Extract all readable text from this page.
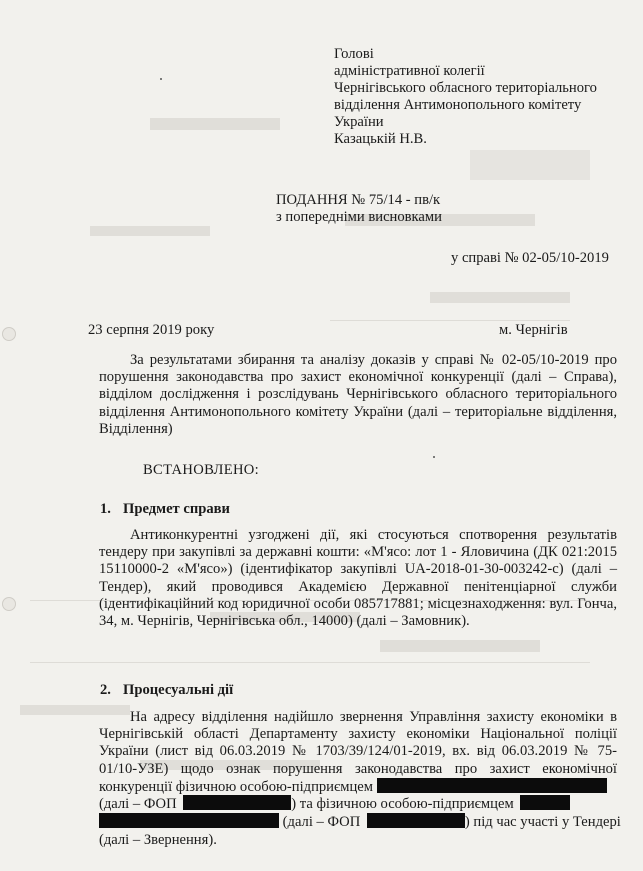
Голові
адміністративної колегії
Чернігівського обласного територіального
відділення Антимонопольного комітету
України
Казацькій Н.В.
ПОДАННЯ № 75/14 - пв/к
з попередніми висновками
у справі № 02-05/10-2019
23 серпня 2019 року	м. Чернігів
За результатами збирання та аналізу доказів у справі № 02-05/10-2019 про порушення законодавства про захист економічної конкуренції (далі – Справа), відділом дослідження і розслідувань Чернігівського обласного територіального відділення Антимонопольного комітету України (далі – територіальне відділення, Відділення)
ВСТАНОВЛЕНО:
1. Предмет справи
Антиконкурентні узгоджені дії, які стосуються спотворення результатів тендеру при закупівлі за державні кошти: «М'ясо: лот 1 - Яловичина (ДК 021:2015 15110000-2 «М'ясо») (ідентифікатор закупівлі UA-2018-01-30-003242-c) (далі – Тендер), який проводився Академією Державної пенітенціарної служби (ідентифікаційний код юридичної особи 085717881; місцезнаходження: вул. Гонча, 34, м. Чернігів, Чернігівська обл., 14000) (далі – Замовник).
2. Процесуальні дії
На адресу відділення надійшло звернення Управління захисту економіки в Чернігівській області Департаменту захисту економіки Національної поліції України (лист від 06.03.2019 № 1703/39/124/01-2019, вх. від 06.03.2019 № 75-01/10-УЗЕ) щодо ознак порушення законодавства про захист економічної конкуренції фізичною особою-підприємцем
(далі – ФОП	) та фізичною особою-підприємцем
(далі – ФОП	) під час участі у Тендері
(далі – Звернення).
